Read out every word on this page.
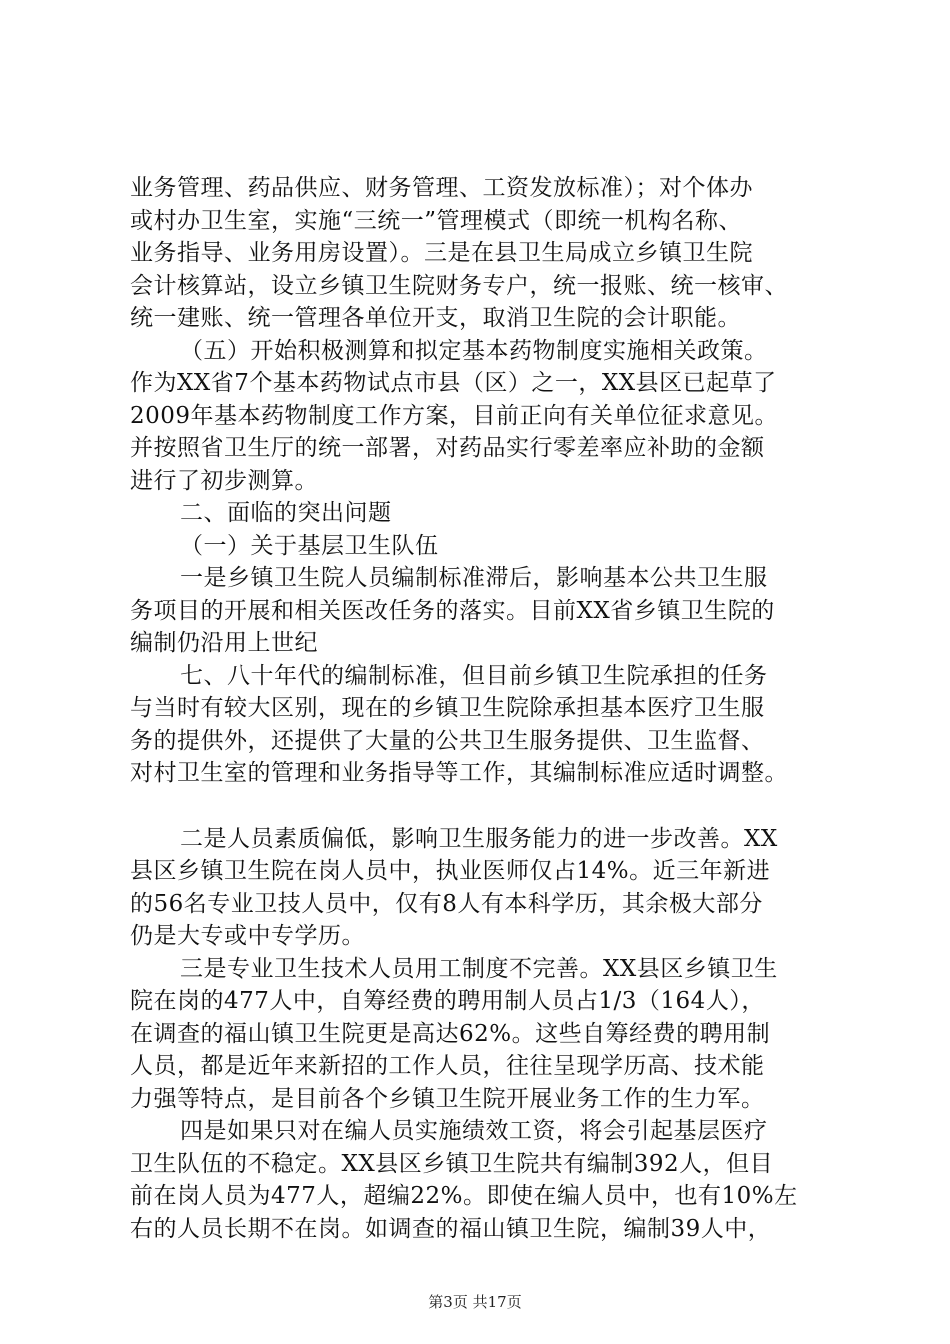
业务管理、药品供应、财务管理、工资发放标准）；对个体办
或村办卫生室，实施“三统一”管理模式（即统一机构名称、
业务指导、业务用房设置）。三是在县卫生局成立乡镇卫生院
会计核算站，设立乡镇卫生院财务专户，统一报账、统一核审、
统一建账、统一管理各单位开支，取消卫生院的会计职能。
（五）开始积极测算和拟定基本药物制度实施相关政策。
作为XX省7个基本药物试点市县（区）之一，XX县区已起草了
2009年基本药物制度工作方案，目前正向有关单位征求意见。
并按照省卫生厅的统一部署，对药品实行零差率应补助的金额
进行了初步测算。
二、面临的突出问题
（一）关于基层卫生队伍
一是乡镇卫生院人员编制标准滞后，影响基本公共卫生服
务项目的开展和相关医改任务的落实。目前XX省乡镇卫生院的
编制仍沿用上世纪
七、八十年代的编制标准，但目前乡镇卫生院承担的任务
与当时有较大区别，现在的乡镇卫生院除承担基本医疗卫生服
务的提供外，还提供了大量的公共卫生服务提供、卫生监督、
对村卫生室的管理和业务指导等工作，其编制标准应适时调整。
二是人员素质偏低，影响卫生服务能力的进一步改善。XX
县区乡镇卫生院在岗人员中，执业医师仅占14%。近三年新进
的56名专业卫技人员中，仅有8人有本科学历，其余极大部分
仍是大专或中专学历。
三是专业卫生技术人员用工制度不完善。XX县区乡镇卫生
院在岗的477人中，自筹经费的聘用制人员占1/3（164人），
在调查的福山镇卫生院更是高达62%。这些自筹经费的聘用制
人员，都是近年来新招的工作人员，往往呈现学历高、技术能
力强等特点，是目前各个乡镇卫生院开展业务工作的生力军。
四是如果只对在编人员实施绩效工资，将会引起基层医疗
卫生队伍的不稳定。XX县区乡镇卫生院共有编制392人，但目
前在岗人员为477人，超编22%。即使在编人员中，也有10%左
右的人员长期不在岗。如调查的福山镇卫生院，编制39人中，
第3页 共17页
